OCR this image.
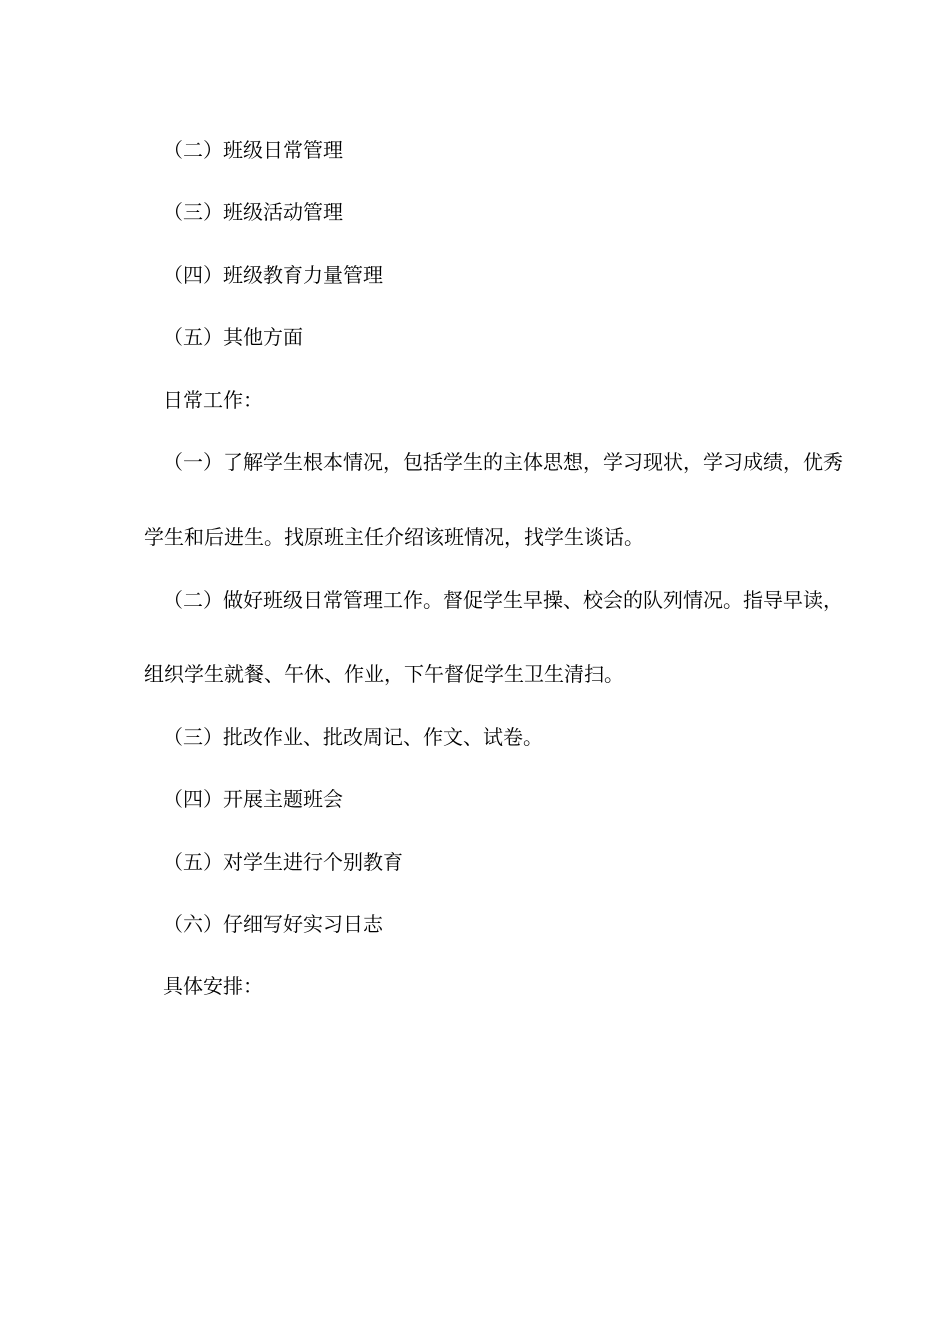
（二）班级日常管理
（三）班级活动管理
（四）班级教育力量管理
（五）其他方面
日常工作：
（一）了解学生根本情况，包括学生的主体思想，学习现状，学习成绩，优秀
学生和后进生。找原班主任介绍该班情况，找学生谈话。
（二）做好班级日常管理工作。督促学生早操、校会的队列情况。指导早读，
组织学生就餐、午休、作业，下午督促学生卫生清扫。
（三）批改作业、批改周记、作文、试卷。
（四）开展主题班会
（五）对学生进行个别教育
（六）仔细写好实习日志
具体安排：
